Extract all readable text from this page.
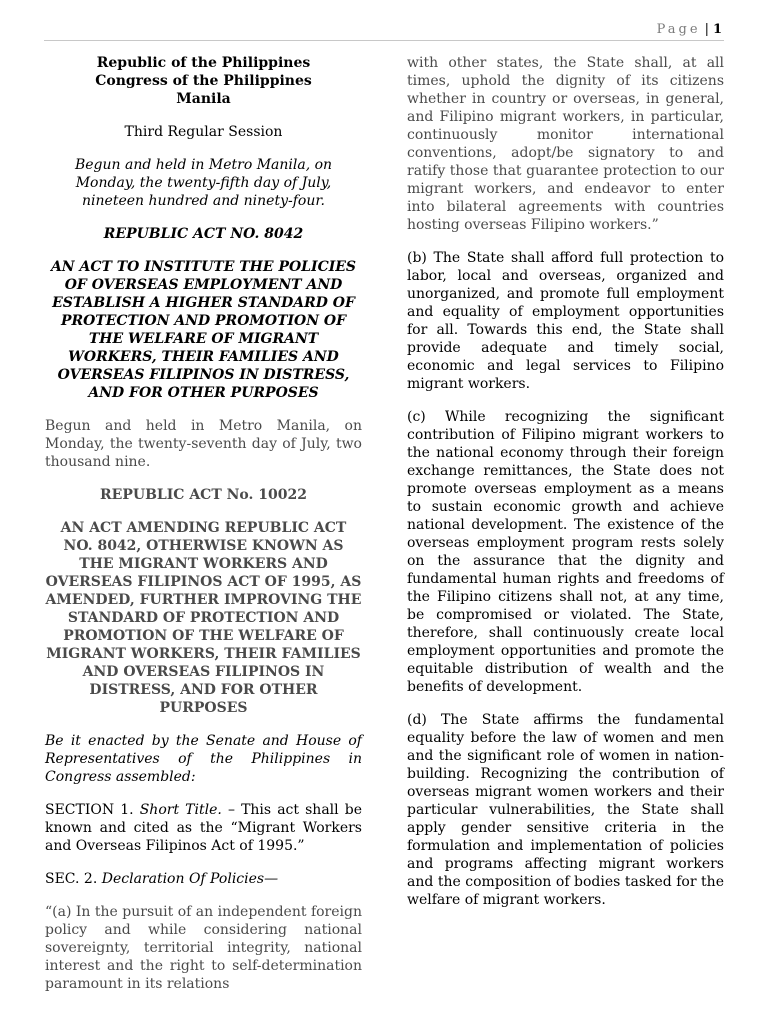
Page | 1

Republic of the Philippines

Congress of the Philippines

Manila

Third Regular Session

Begun and held in Metro Manila, on Monday, the twenty-fifth day of July, nineteen hundred and ninety-four.

REPUBLIC ACT NO. 8042

AN ACT TO INSTITUTE THE POLICIES OF OVERSEAS EMPLOYMENT AND ESTABLISH A HIGHER STANDARD OF PROTECTION AND PROMOTION OF THE WELFARE OF MIGRANT WORKERS, THEIR FAMILIES AND OVERSEAS FILIPINOS IN DISTRESS, AND FOR OTHER PURPOSES

Begun and held in Metro Manila, on Monday, the twenty-seventh day of July, two thousand nine.

REPUBLIC ACT No. 10022

AN ACT AMENDING REPUBLIC ACT NO. 8042, OTHERWISE KNOWN AS THE MIGRANT WORKERS AND OVERSEAS FILIPINOS ACT OF 1995, AS AMENDED, FURTHER IMPROVING THE STANDARD OF PROTECTION AND PROMOTION OF THE WELFARE OF MIGRANT WORKERS, THEIR FAMILIES AND OVERSEAS FILIPINOS IN DISTRESS, AND FOR OTHER PURPOSES

Be it enacted by the Senate and House of Representatives of the Philippines in Congress assembled:

SECTION 1. Short Title. – This act shall be known and cited as the “Migrant Workers and Overseas Filipinos Act of 1995.”

SEC. 2. Declaration Of Policies—

“(a) In the pursuit of an independent foreign policy and while considering national sovereignty, territorial integrity, national interest and the right to self-determination paramount in its relations

with other states, the State shall, at all times, uphold the dignity of its citizens whether in country or overseas, in general, and Filipino migrant workers, in particular, continuously monitor international conventions, adopt/be signatory to and ratify those that guarantee protection to our migrant workers, and endeavor to enter into bilateral agreements with countries hosting overseas Filipino workers.”

(b) The State shall afford full protection to labor, local and overseas, organized and unorganized, and promote full employment and equality of employment opportunities for all. Towards this end, the State shall provide adequate and timely social, economic and legal services to Filipino migrant workers.

(c) While recognizing the significant contribution of Filipino migrant workers to the national economy through their foreign exchange remittances, the State does not promote overseas employment as a means to sustain economic growth and achieve national development. The existence of the overseas employment program rests solely on the assurance that the dignity and fundamental human rights and freedoms of the Filipino citizens shall not, at any time, be compromised or violated. The State, therefore, shall continuously create local employment opportunities and promote the equitable distribution of wealth and the benefits of development.

(d) The State affirms the fundamental equality before the law of women and men and the significant role of women in nation-building. Recognizing the contribution of overseas migrant women workers and their particular vulnerabilities, the State shall apply gender sensitive criteria in the formulation and implementation of policies and programs affecting migrant workers and the composition of bodies tasked for the welfare of migrant workers.
